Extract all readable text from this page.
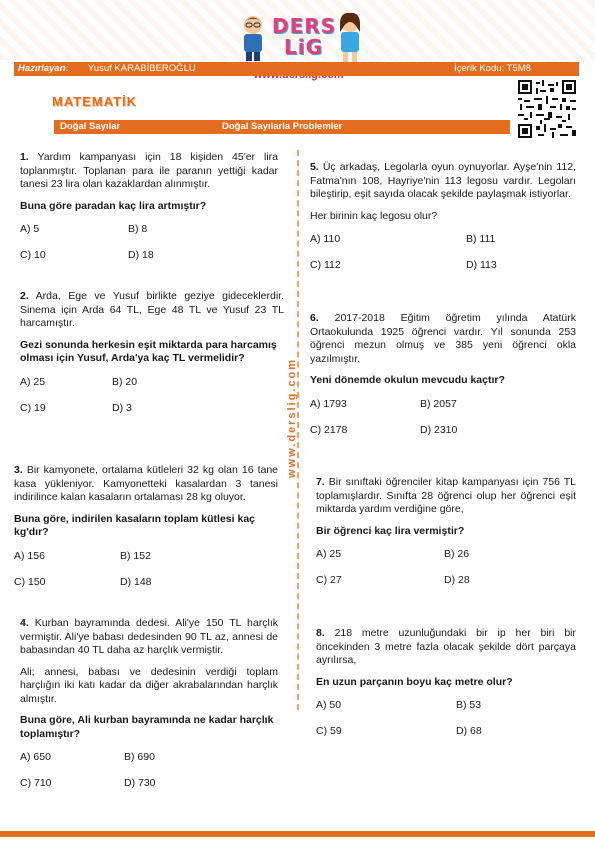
DERS
LiG
Hazırlayan: Yusuf KARABİBEROĞLU	İçerik Kodu: T5M8
MATEMATİK
Doğal Sayılar	Doğal Sayılarla Problemler
www.derslig.com
1. Yardım kampanyası için 18 kişiden 45'er lira toplanmıştır. Toplanan para ile paranın yettiği kadar tanesi 23 lira olan kazaklardan alınmıştır.
Buna göre paradan kaç lira artmıştır?
A) 5	B) 8
C) 10	D) 18
2. Arda, Ege ve Yusuf birlikte geziye gideceklerdir. Sinema için Arda 64 TL, Ege 48 TL ve Yusuf 23 TL harcamıştır.
Gezi sonunda herkesin eşit miktarda para harcamış olması için Yusuf, Arda'ya kaç TL vermelidir?
A) 25	B) 20
C) 19	D) 3
3. Bir kamyonete, ortalama kütleleri 32 kg olan 16 tane kasa yükleniyor. Kamyonetteki kasalardan 3 tanesi indirilince kalan kasaların ortalaması 28 kg oluyor.
Buna göre, indirilen kasaların toplam kütlesi kaç kg'dır?
A) 156	B) 152
C) 150	D) 148
4. Kurban bayramında dedesi. Ali'ye 150 TL harçlık vermiştir. Ali'ye babası dedesinden 90 TL az, annesi de babasından 40 TL daha az harçlık vermiştir.
Ali; annesi, babası ve dedesinin verdiği toplam harçlığın iki katı kadar da diğer akrabalarından harçlık almıştır.
Buna göre, Ali kurban bayramında ne kadar harçlık toplamıştır?
A) 650	B) 690
C) 710	D) 730
5. Üç arkadaş, Legolarla oyun oynuyorlar. Ayşe'nin 112, Fatma'nın 108, Hayriye'nin 113 legosu vardır. Legoları bileştirip, eşit sayıda olacak şekilde paylaşmak istiyorlar.
Her birinin kaç legosu olur?
A) 110	B) 111
C) 112	D) 113
6. 2017-2018 Eğitim öğretim yılında Atatürk Ortaokulunda 1925 öğrenci vardır. Yıl sonunda 253 öğrenci mezun olmuş ve 385 yeni öğrenci okla yazılmıştır.
Yeni dönemde okulun mevcudu kaçtır?
A) 1793	B) 2057
C) 2178	D) 2310
7. Bir sınıftaki öğrenciler kitap kampanyası için 756 TL toplamışlardır. Sınıfta 28 öğrenci olup her öğrenci eşit miktarda yardım verdiğine göre,
Bir öğrenci kaç lira vermiştir?
A) 25	B) 26
C) 27	D) 28
8. 218 metre uzunluğundaki bir ip her biri bir öncekinden 3 metre fazla olacak şekilde dört parçaya ayrılırsa,
En uzun parçanın boyu kaç metre olur?
A) 50	B) 53
C) 59	D) 68
